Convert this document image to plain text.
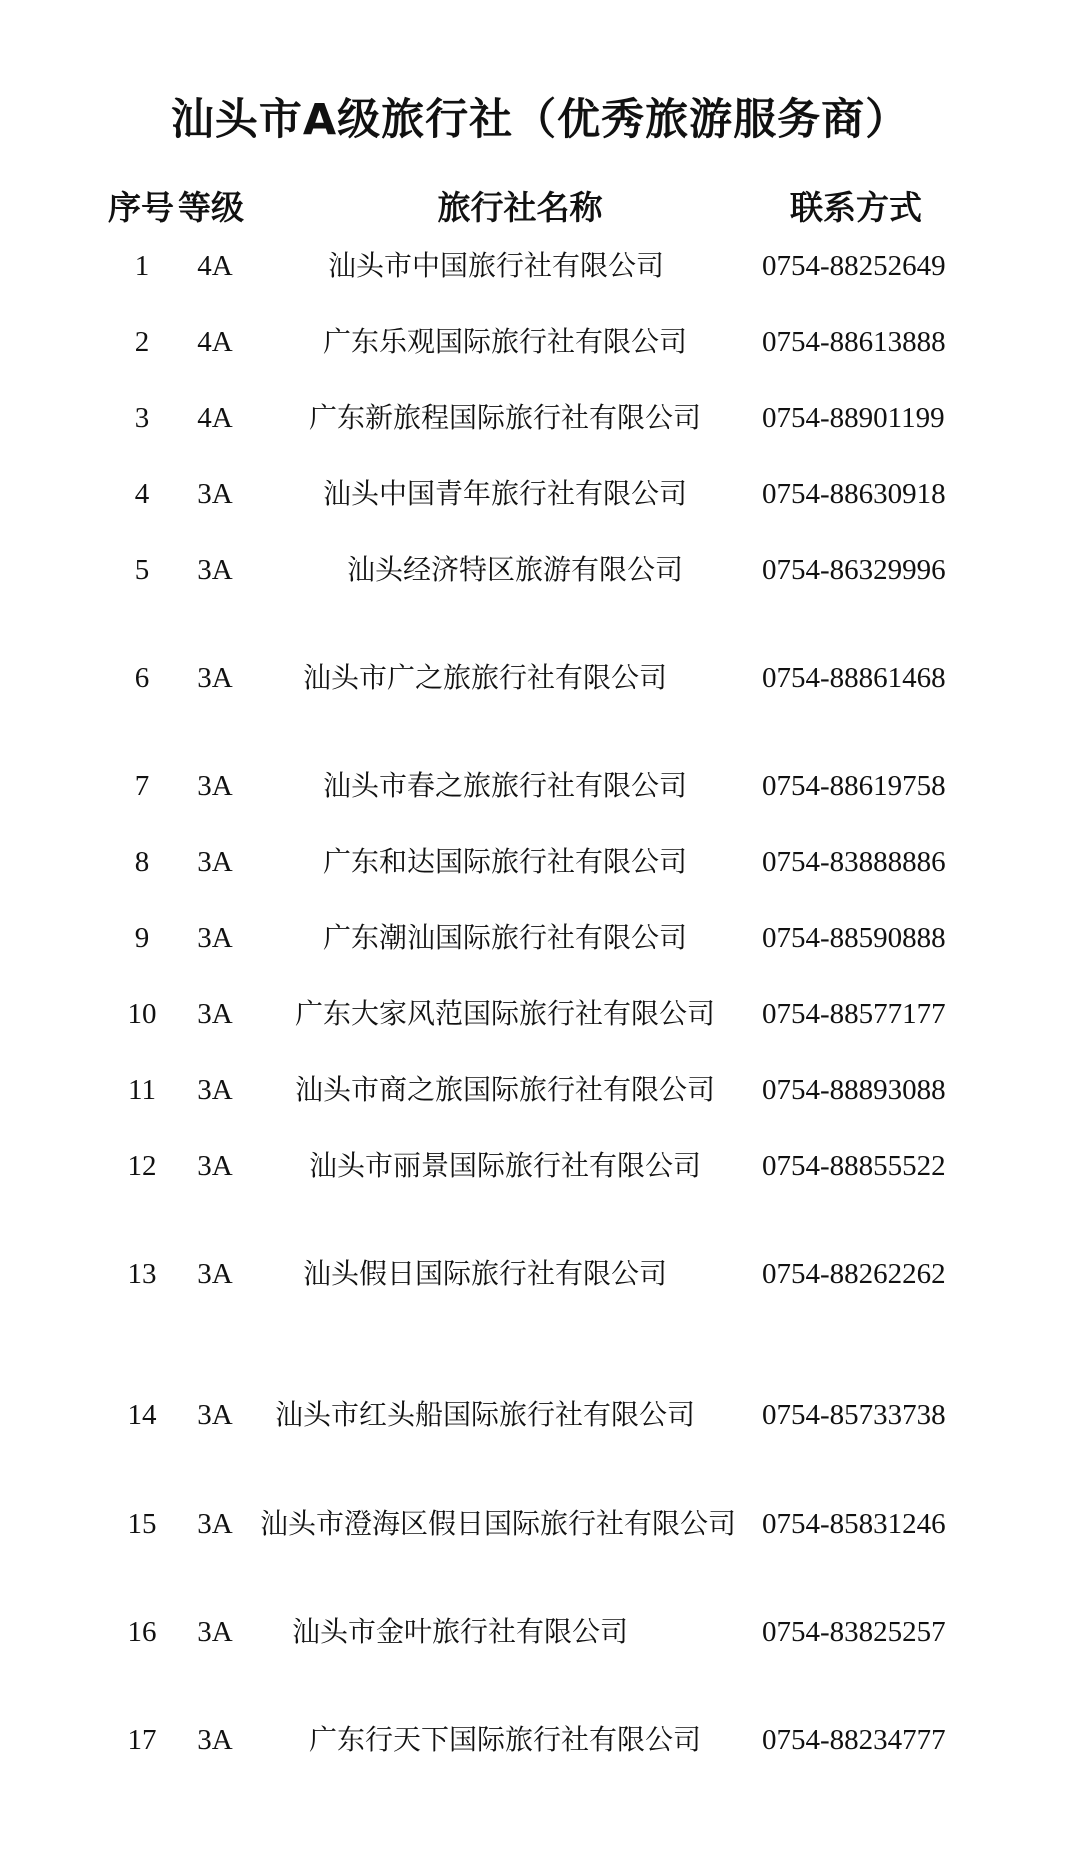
汕头市A级旅行社（优秀旅游服务商）
序号 等级	旅行社名称	联系方式
1	4A	汕头市中国旅行社有限公司	0754-88252649
2	4A	广东乐观国际旅行社有限公司	0754-88613888
3	4A	广东新旅程国际旅行社有限公司	0754-88901199
4	3A	汕头中国青年旅行社有限公司	0754-88630918
5	3A	汕头经济特区旅游有限公司	0754-86329996
6	3A	汕头市广之旅旅行社有限公司	0754-88861468
7	3A	汕头市春之旅旅行社有限公司	0754-88619758
8	3A	广东和达国际旅行社有限公司	0754-83888886
9	3A	广东潮汕国际旅行社有限公司	0754-88590888
10	3A	广东大家风范国际旅行社有限公司	0754-88577177
11	3A	汕头市商之旅国际旅行社有限公司	0754-88893088
12	3A	汕头市丽景国际旅行社有限公司	0754-88855522
13	3A	汕头假日国际旅行社有限公司	0754-88262262
14	3A	汕头市红头船国际旅行社有限公司	0754-85733738
15	3A 汕头市澄海区假日国际旅行社有限公司 0754-85831246
16	3A	汕头市金叶旅行社有限公司	0754-83825257
17	3A	广东行天下国际旅行社有限公司	0754-88234777
